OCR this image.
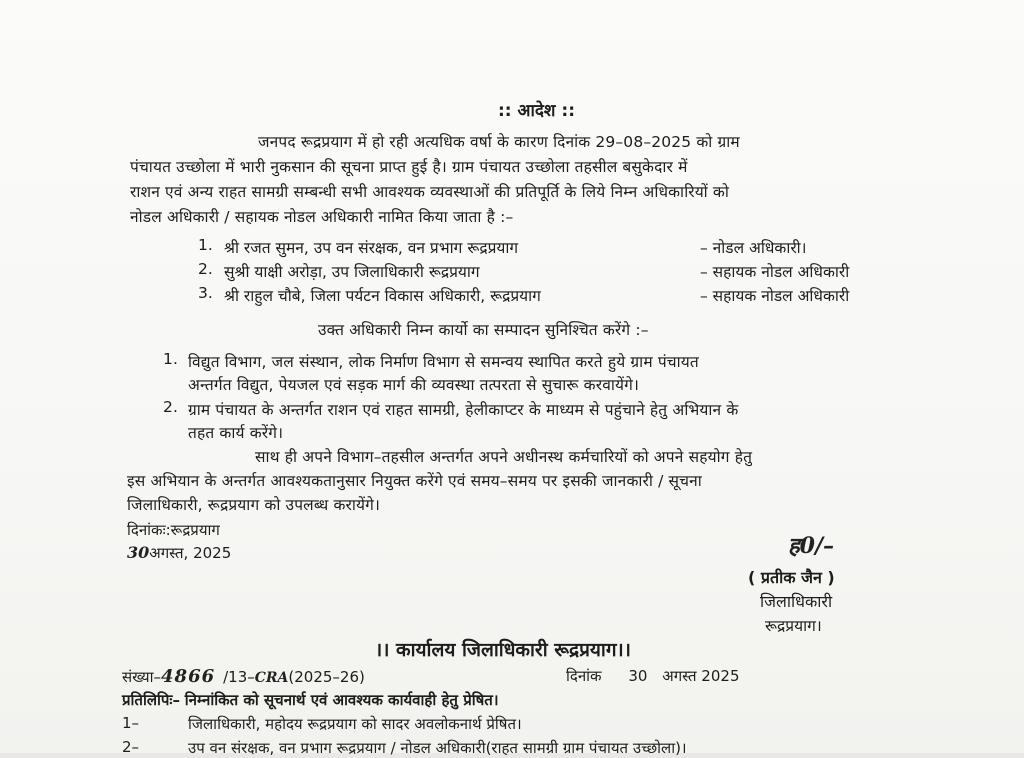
:: आदेश ::
जनपद रूद्रप्रयाग में हो रही अत्यधिक वर्षा के कारण दिनांक 29–08–2025 को ग्राम
पंचायत उच्छोला में भारी नुकसान की सूचना प्राप्त हुई है। ग्राम पंचायत उच्छोला तहसील बसुकेदार में
राशन एवं अन्य राहत सामग्री सम्बन्धी सभी आवश्यक व्यवस्थाओं की प्रतिपूर्ति के लिये निम्न अधिकारियों को
नोडल अधिकारी / सहायक नोडल अधिकारी नामित किया जाता है :–
1. श्री रजत सुमन, उप वन संरक्षक, वन प्रभाग रूद्रप्रयाग	– नोडल अधिकारी।
2. सुश्री याक्षी अरोड़ा, उप जिलाधिकारी रूद्रप्रयाग	– सहायक नोडल अधिकारी
3. श्री राहुल चौबे, जिला पर्यटन विकास अधिकारी, रूद्रप्रयाग	– सहायक नोडल अधिकारी
उक्त अधिकारी निम्न कार्यो का सम्पादन सुनिश्चित करेंगे :–
1. विद्युत विभाग, जल संस्थान, लोक निर्माण विभाग से समन्वय स्थापित करते हुये ग्राम पंचायत
अन्तर्गत विद्युत, पेयजल एवं सड़क मार्ग की व्यवस्था तत्परता से सुचारू करवायेंगे।
2. ग्राम पंचायत के अन्तर्गत राशन एवं राहत सामग्री, हेलीकाप्टर के माध्यम से पहुंचाने हेतु अभियान के
तहत कार्य करेंगे।
साथ ही अपने विभाग–तहसील अन्तर्गत अपने अधीनस्थ कर्मचारियों को अपने सहयोग हेतु
इस अभियान के अन्तर्गत आवश्यकतानुसार नियुक्त करेंगे एवं समय–समय पर इसकी जानकारी / सूचना
जिलाधिकारी, रूद्रप्रयाग को उपलब्ध करायेंगे।
दिनांकः:रूद्रप्रयाग
30अगस्त, 2025	ह0/–
( प्रतीक जैन )
जिलाधिकारी
रूद्रप्रयाग।
।। कार्यालय जिलाधिकारी रूद्रप्रयाग।।
संख्या–4866 /13–CRA(2025–26)	दिनांक 30 अगस्त 2025
प्रतिलिपिः– निम्नांकित को सूचनार्थ एवं आवश्यक कार्यवाही हेतु प्रेषित।
1–	जिलाधिकारी, महोदय रूद्रप्रयाग को सादर अवलोकनार्थ प्रेषित।
2–	उप वन संरक्षक, वन प्रभाग रूद्रप्रयाग / नोडल अधिकारी(राहत सामग्री ग्राम पंचायत उच्छोला)।
